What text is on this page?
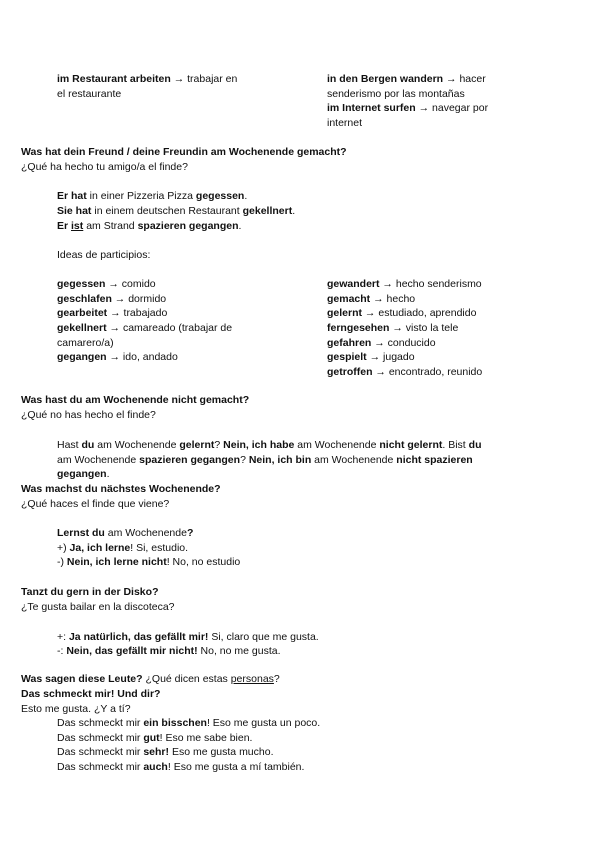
im Restaurant arbeiten → trabajar en
el restaurante
in den Bergen wandern → hacer
senderismo por las montañas
im Internet surfen → navegar por
internet
Was hat dein Freund / deine Freundin am Wochenende gemacht?
¿Qué ha hecho tu amigo/a el finde?
Er hat in einer Pizzeria Pizza gegessen.
Sie hat in einem deutschen Restaurant gekellnert.
Er ist am Strand spazieren gegangen.
Ideas de participios:
gegessen → comido
geschlafen → dormido
gearbeitet → trabajado
gekellnert → camareado (trabajar de
camarero/a)
gegangen → ido, andado
gewandert → hecho senderismo
gemacht → hecho
gelernt → estudiado, aprendido
ferngesehen → visto la tele
gefahren → conducido
gespielt → jugado
getroffen → encontrado, reunido
Was hast du am Wochenende nicht gemacht?
¿Qué no has hecho el finde?
Hast du am Wochenende gelernt? Nein, ich habe am Wochenende nicht gelernt. Bist du
am Wochenende spazieren gegangen? Nein, ich bin am Wochenende nicht spazieren
gegangen.
Was machst du nächstes Wochenende?
¿Qué haces el finde que viene?
Lernst du am Wochenende?
+) Ja, ich lerne! Si, estudio.
-) Nein, ich lerne nicht! No, no estudio
Tanzt du gern in der Disko?
¿Te gusta bailar en la discoteca?
+: Ja natürlich, das gefällt mir! Si, claro que me gusta.
-: Nein, das gefällt mir nicht! No, no me gusta.
Was sagen diese Leute? ¿Qué dicen estas personas?
Das schmeckt mir! Und dir?
Esto me gusta. ¿Y a tí?
Das schmeckt mir ein bisschen! Eso me gusta un poco.
Das schmeckt mir gut! Eso me sabe bien.
Das schmeckt mir sehr! Eso me gusta mucho.
Das schmeckt mir auch! Eso me gusta a mí también.
